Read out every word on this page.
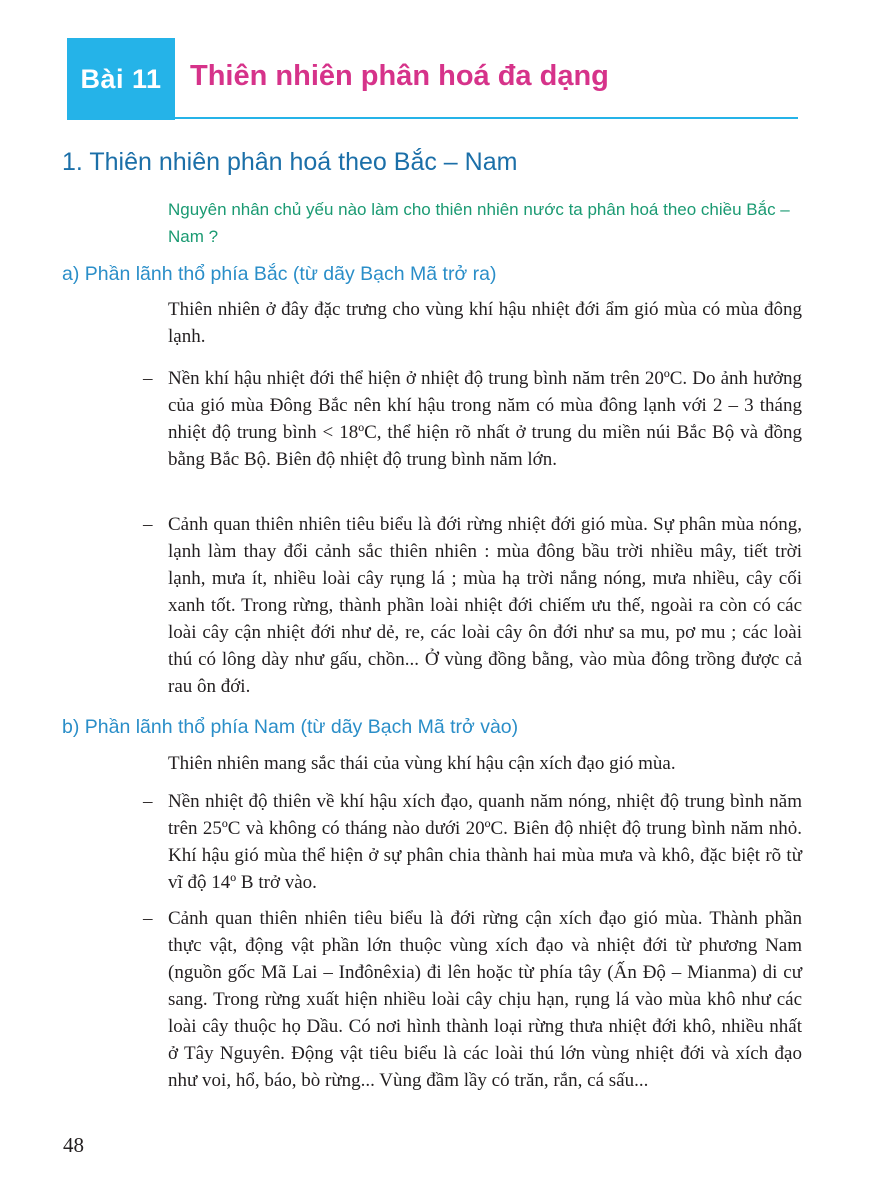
Bài 11 Thiên nhiên phân hoá đa dạng
1. Thiên nhiên phân hoá theo Bắc – Nam
Nguyên nhân chủ yếu nào làm cho thiên nhiên nước ta phân hoá theo chiều Bắc – Nam ?
a) Phần lãnh thổ phía Bắc (từ dãy Bạch Mã trở ra)
Thiên nhiên ở đây đặc trưng cho vùng khí hậu nhiệt đới ẩm gió mùa có mùa đông lạnh.
– Nền khí hậu nhiệt đới thể hiện ở nhiệt độ trung bình năm trên 20ºC. Do ảnh hưởng của gió mùa Đông Bắc nên khí hậu trong năm có mùa đông lạnh với 2 – 3 tháng nhiệt độ trung bình < 18ºC, thể hiện rõ nhất ở trung du miền núi Bắc Bộ và đồng bằng Bắc Bộ. Biên độ nhiệt độ trung bình năm lớn.
– Cảnh quan thiên nhiên tiêu biểu là đới rừng nhiệt đới gió mùa. Sự phân mùa nóng, lạnh làm thay đổi cảnh sắc thiên nhiên : mùa đông bầu trời nhiều mây, tiết trời lạnh, mưa ít, nhiều loài cây rụng lá ; mùa hạ trời nắng nóng, mưa nhiều, cây cối xanh tốt. Trong rừng, thành phần loài nhiệt đới chiếm ưu thế, ngoài ra còn có các loài cây cận nhiệt đới như dẻ, re, các loài cây ôn đới như sa mu, pơ mu ; các loài thú có lông dày như gấu, chồn... Ở vùng đồng bằng, vào mùa đông trồng được cả rau ôn đới.
b) Phần lãnh thổ phía Nam (từ dãy Bạch Mã trở vào)
Thiên nhiên mang sắc thái của vùng khí hậu cận xích đạo gió mùa.
– Nền nhiệt độ thiên về khí hậu xích đạo, quanh năm nóng, nhiệt độ trung bình năm trên 25ºC và không có tháng nào dưới 20ºC. Biên độ nhiệt độ trung bình năm nhỏ. Khí hậu gió mùa thể hiện ở sự phân chia thành hai mùa mưa và khô, đặc biệt rõ từ vĩ độ 14º B trở vào.
– Cảnh quan thiên nhiên tiêu biểu là đới rừng cận xích đạo gió mùa. Thành phần thực vật, động vật phần lớn thuộc vùng xích đạo và nhiệt đới từ phương Nam (nguồn gốc Mã Lai – Inđônêxia) đi lên hoặc từ phía tây (Ấn Độ – Mianma) di cư sang. Trong rừng xuất hiện nhiều loài cây chịu hạn, rụng lá vào mùa khô như các loài cây thuộc họ Dầu. Có nơi hình thành loại rừng thưa nhiệt đới khô, nhiều nhất ở Tây Nguyên. Động vật tiêu biểu là các loài thú lớn vùng nhiệt đới và xích đạo như voi, hổ, báo, bò rừng... Vùng đầm lầy có trăn, rắn, cá sấu...
48
